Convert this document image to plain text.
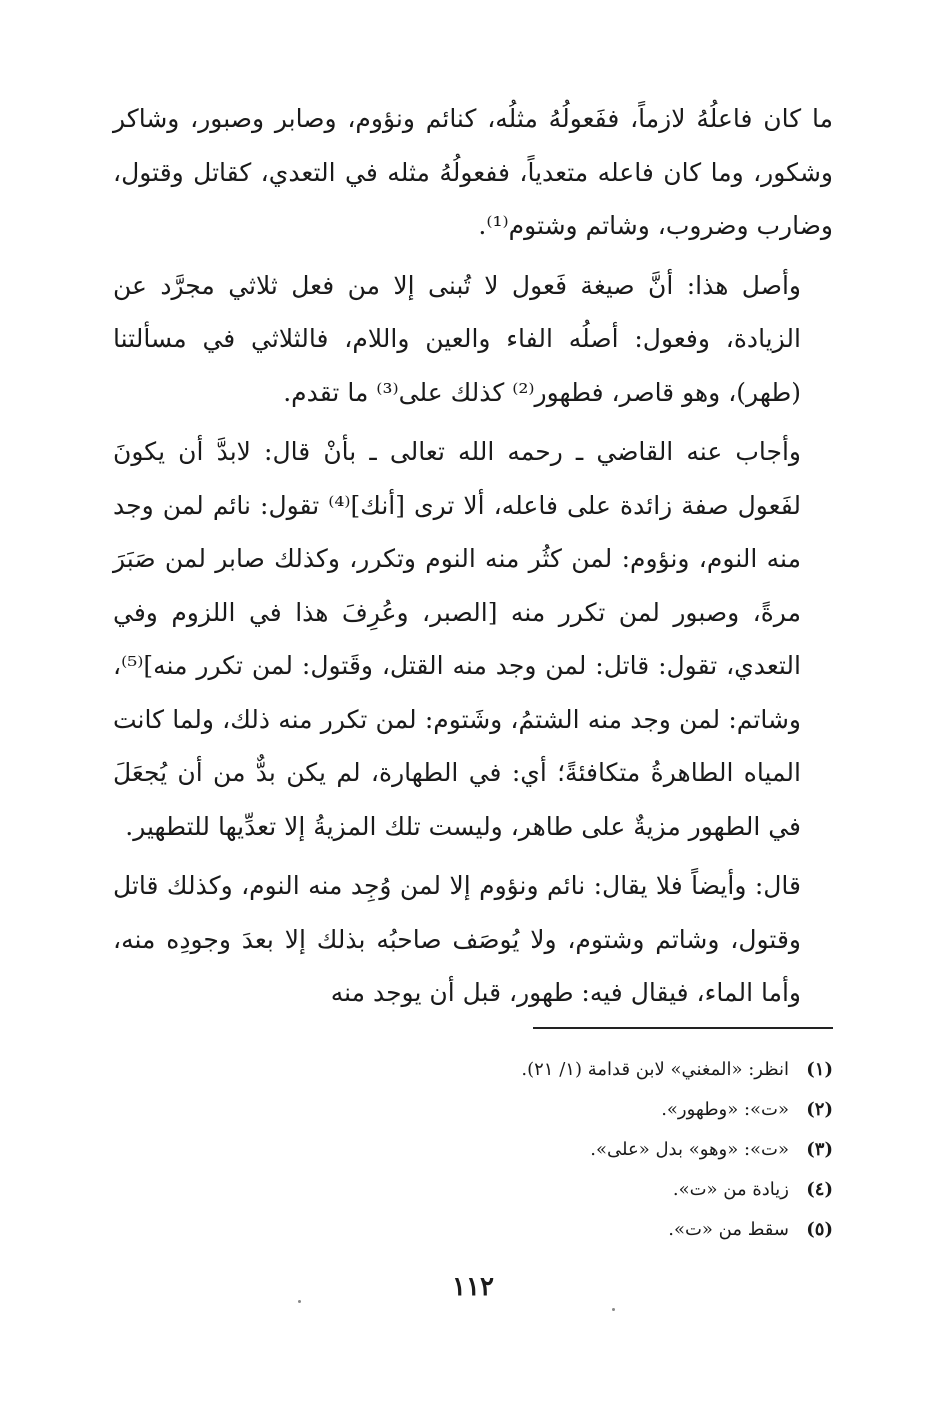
ما كان فاعلُهُ لازماً، ففَعولُهُ مثلُه، كنائم ونؤوم، وصابر وصبور، وشاكر وشكور، وما كان فاعله متعدياً، ففعولُهُ مثله في التعدي، كقاتل وقتول، وضارب وضروب، وشاتم وشتوم⁽¹⁾.

وأصل هذا: أنَّ صيغة فَعول لا تُبنى إلا من فعل ثلاثي مجرَّد عن الزيادة، وفعول: أصلُه الفاء والعين واللام، فالثلاثي في مسألتنا (طهر)، وهو قاصر، فطهور⁽²⁾ كذلك على⁽³⁾ ما تقدم.

وأجاب عنه القاضي ـ رحمه الله تعالى ـ بأنْ قال: لابدَّ أن يكونَ لفَعول صفة زائدة على فاعله، ألا ترى [أنك]⁽⁴⁾ تقول: نائم لمن وجد منه النوم، ونؤوم: لمن كثُر منه النوم وتكرر، وكذلك صابر لمن صَبَرَ مرةً، وصبور لمن تكرر منه [الصبر، وعُرِفَ هذا في اللزوم وفي التعدي، تقول: قاتل: لمن وجد منه القتل، وقَتول: لمن تكرر منه]⁽⁵⁾، وشاتم: لمن وجد منه الشتمُ، وشَتوم: لمن تكرر منه ذلك، ولما كانت المياه الطاهرةُ متكافئةً؛ أي: في الطهارة، لم يكن بدٌّ من أن يُجعَلَ في الطهور مزيةٌ على طاهر، وليست تلك المزيةُ إلا تعدِّيها للتطهير.

قال: وأيضاً فلا يقال: نائم ونؤوم إلا لمن وُجِد منه النوم، وكذلك قاتل وقتول، وشاتم وشتوم، ولا يُوصَف صاحبُه بذلك إلا بعدَ وجودِه منه، وأما الماء، فيقال فيه: طهور، قبل أن يوجد منه

(١)
انظر: «المغني» لابن قدامة (١/ ٢١).
(٢)
«ت»: «وطهور».
(٣)
«ت»: «وهو» بدل «على».
(٤)
زيادة من «ت».
(٥)
سقط من «ت».
١١٢
